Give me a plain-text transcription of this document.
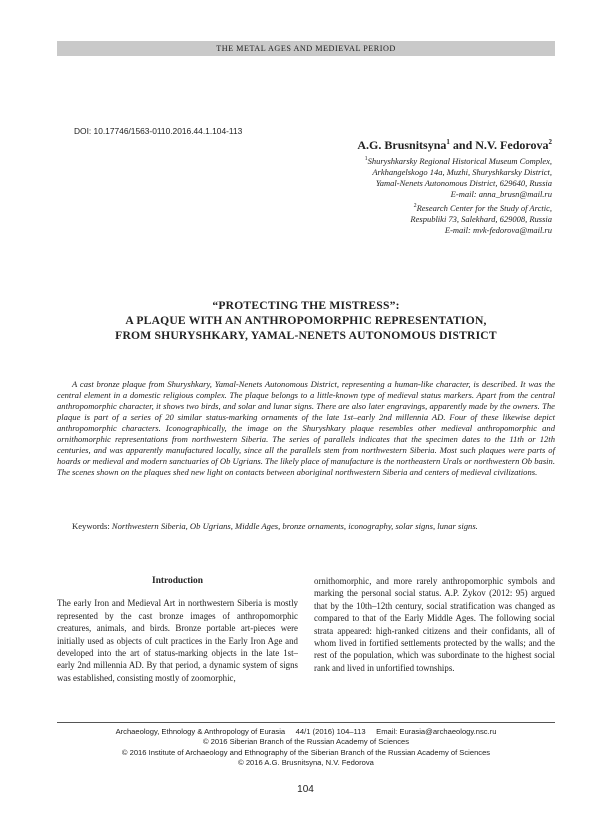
THE METAL AGES AND MEDIEVAL PERIOD
DOI: 10.17746/1563-0110.2016.44.1.104-113
A.G. Brusnitsyna$^1$ and N.V. Fedorova$^2$
$^1$Shuryshkarsky Regional Historical Museum Complex,
Arkhangelskogo 14a, Muzhi, Shuryshkarsky District,
Yamal-Nenets Autonomous District, 629640, Russia
E-mail: anna_brusn@mail.ru
$^2$Research Center for the Study of Arctic,
Respubliki 73, Salekhard, 629008, Russia
E-mail: mvk-fedorova@mail.ru
“PROTECTING THE MISTRESS”:
A PLAQUE WITH AN ANTHROPOMORPHIC REPRESENTATION,
FROM SHURYSHKARY, YAMAL-NENETS AUTONOMOUS DISTRICT

A cast bronze plaque from Shuryshkary, Yamal-Nenets Autonomous District, representing a human-like character, is described. It was the central element in a domestic religious complex. The plaque belongs to a little-known type of medieval status markers. Apart from the central anthropomorphic character, it shows two birds, and solar and lunar signs. There are also later engravings, apparently made by the owners. The plaque is part of a series of 20 similar status-marking ornaments of the late 1st–early 2nd millennia AD. Four of these likewise depict anthropomorphic characters. Iconographically, the image on the Shuryshkary plaque resembles other medieval anthropomorphic and ornithomorphic representations from northwestern Siberia. The series of parallels indicates that the specimen dates to the 11th or 12th centuries, and was apparently manufactured locally, since all the parallels stem from northwestern Siberia. Most such plaques were parts of hoards or medieval and modern sanctuaries of Ob Ugrians. The likely place of manufacture is the northeastern Urals or northwestern Ob basin. The scenes shown on the plaques shed new light on contacts between aboriginal northwestern Siberia and centers of medieval civilizations.

Keywords: Northwestern Siberia, Ob Ugrians, Middle Ages, bronze ornaments, iconography, solar signs, lunar signs.

Introduction

The early Iron and Medieval Art in northwestern Siberia is mostly represented by the cast bronze images of anthropomorphic creatures, animals, and birds. Bronze portable art-pieces were initially used as objects of cult practices in the Early Iron Age and developed into the art of status-marking objects in the late 1st–early 2nd millennia AD. By that period, a dynamic system of signs was established, consisting mostly of zoomorphic,

ornithomorphic, and more rarely anthropomorphic symbols and marking the personal social status. A.P. Zykov (2012: 95) argued that by the 10th–12th century, social stratification was changed as compared to that of the Early Middle Ages. The following social strata appeared: high-ranked citizens and their confidants, all of whom lived in fortified settlements protected by the walls; and the rest of the population, which was subordinate to the highest social rank and lived in unfortified townships.

Archaeology, Ethnology & Anthropology of Eurasia     44/1 (2016) 104–113     Email: Eurasia@archaeology.nsc.ru
© 2016 Siberian Branch of the Russian Academy of Sciences
© 2016 Institute of Archaeology and Ethnography of the Siberian Branch of the Russian Academy of Sciences
© 2016 A.G. Brusnitsyna, N.V. Fedorova
104
